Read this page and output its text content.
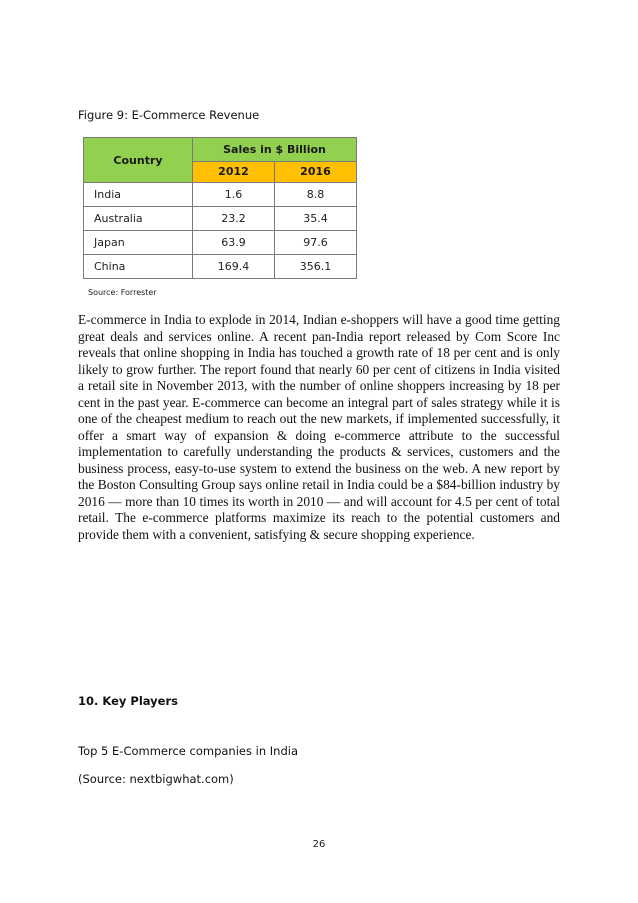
Figure 9: E-Commerce Revenue
Country	Sales in $ Billion	
	2012	2016
India	1.6	8.8
Australia	23.2	35.4
Japan	63.9	97.6
China	169.4	356.1
Source: Forrester
E-commerce in India to explode in 2014, Indian e-shoppers will have a good time getting great deals and services online. A recent pan-India report released by Com Score Inc reveals that online shopping in India has touched a growth rate of 18 per cent and is only likely to grow further. The report found that nearly 60 per cent of citizens in India visited a retail site in November 2013, with the number of online shoppers increasing by 18 per cent in the past year. E-commerce can become an integral part of sales strategy while it is one of the cheapest medium to reach out the new markets, if implemented successfully, it offer a smart way of expansion & doing e-commerce attribute to the successful implementation to carefully understanding the products & services, customers and the business process, easy-to-use system to extend the business on the web. A new report by the Boston Consulting Group says online retail in India could be a $84-billion industry by 2016 — more than 10 times its worth in 2010 — and will account for 4.5 per cent of total retail. The e-commerce platforms maximize its reach to the potential customers and provide them with a convenient, satisfying & secure shopping experience.
10. Key Players
Top 5 E-Commerce companies in India
(Source: nextbigwhat.com)
26
